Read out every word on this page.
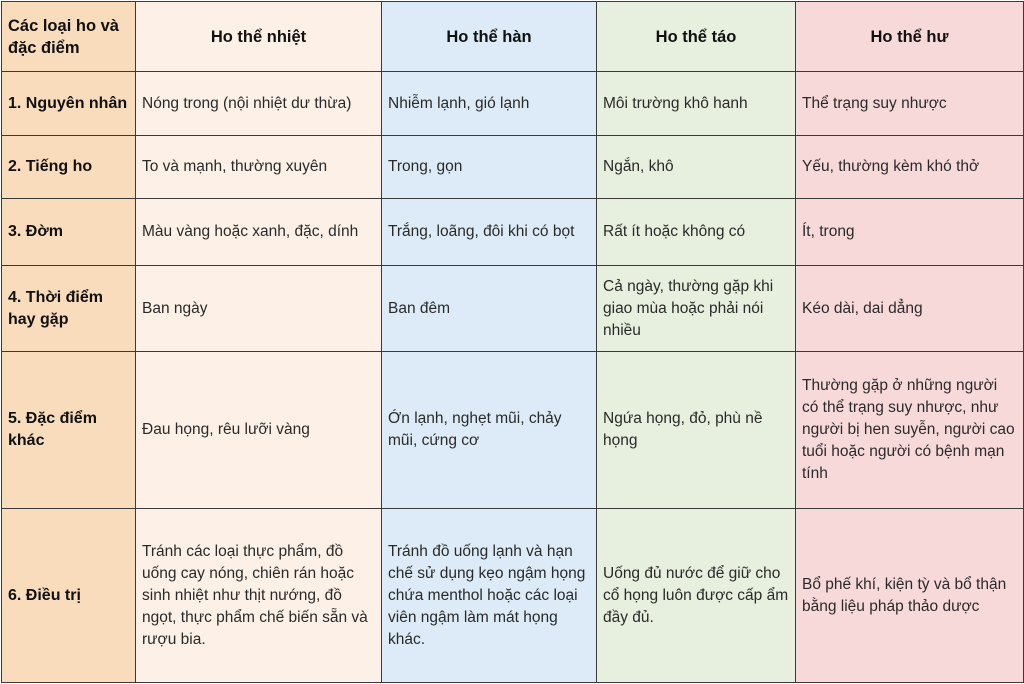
Các loại ho và đặc điểm	Ho thể nhiệt	Ho thể hàn	Ho thể táo	Ho thể hư
1. Nguyên nhân	Nóng trong (nội nhiệt dư thừa)	Nhiễm lạnh, gió lạnh	Môi trường khô hanh	Thể trạng suy nhược
2. Tiếng ho	To và mạnh, thường xuyên	Trong, gọn	Ngắn, khô	Yếu, thường kèm khó thở
3. Đờm	Màu vàng hoặc xanh, đặc, dính	Trắng, loãng, đôi khi có bọt	Rất ít hoặc không có	Ít, trong
4. Thời điểm hay gặp	Ban ngày	Ban đêm	Cả ngày, thường gặp khi giao mùa hoặc phải nói nhiều	Kéo dài, dai dẳng
5. Đặc điểm khác	Đau họng, rêu lưỡi vàng	Ớn lạnh, nghẹt mũi, chảy mũi, cứng cơ	Ngứa họng, đỏ, phù nề họng	Thường gặp ở những người có thể trạng suy nhược, như người bị hen suyễn, người cao tuổi hoặc người có bệnh mạn tính
6. Điều trị	Tránh các loại thực phẩm, đồ uống cay nóng, chiên rán hoặc sinh nhiệt như thịt nướng, đồ ngọt, thực phẩm chế biến sẵn và rượu bia.	Tránh đồ uống lạnh và hạn chế sử dụng kẹo ngậm họng chứa menthol hoặc các loại viên ngậm làm mát họng khác.	Uống đủ nước để giữ cho cổ họng luôn được cấp ẩm đầy đủ.	Bổ phế khí, kiện tỳ và bổ thận bằng liệu pháp thảo dược
